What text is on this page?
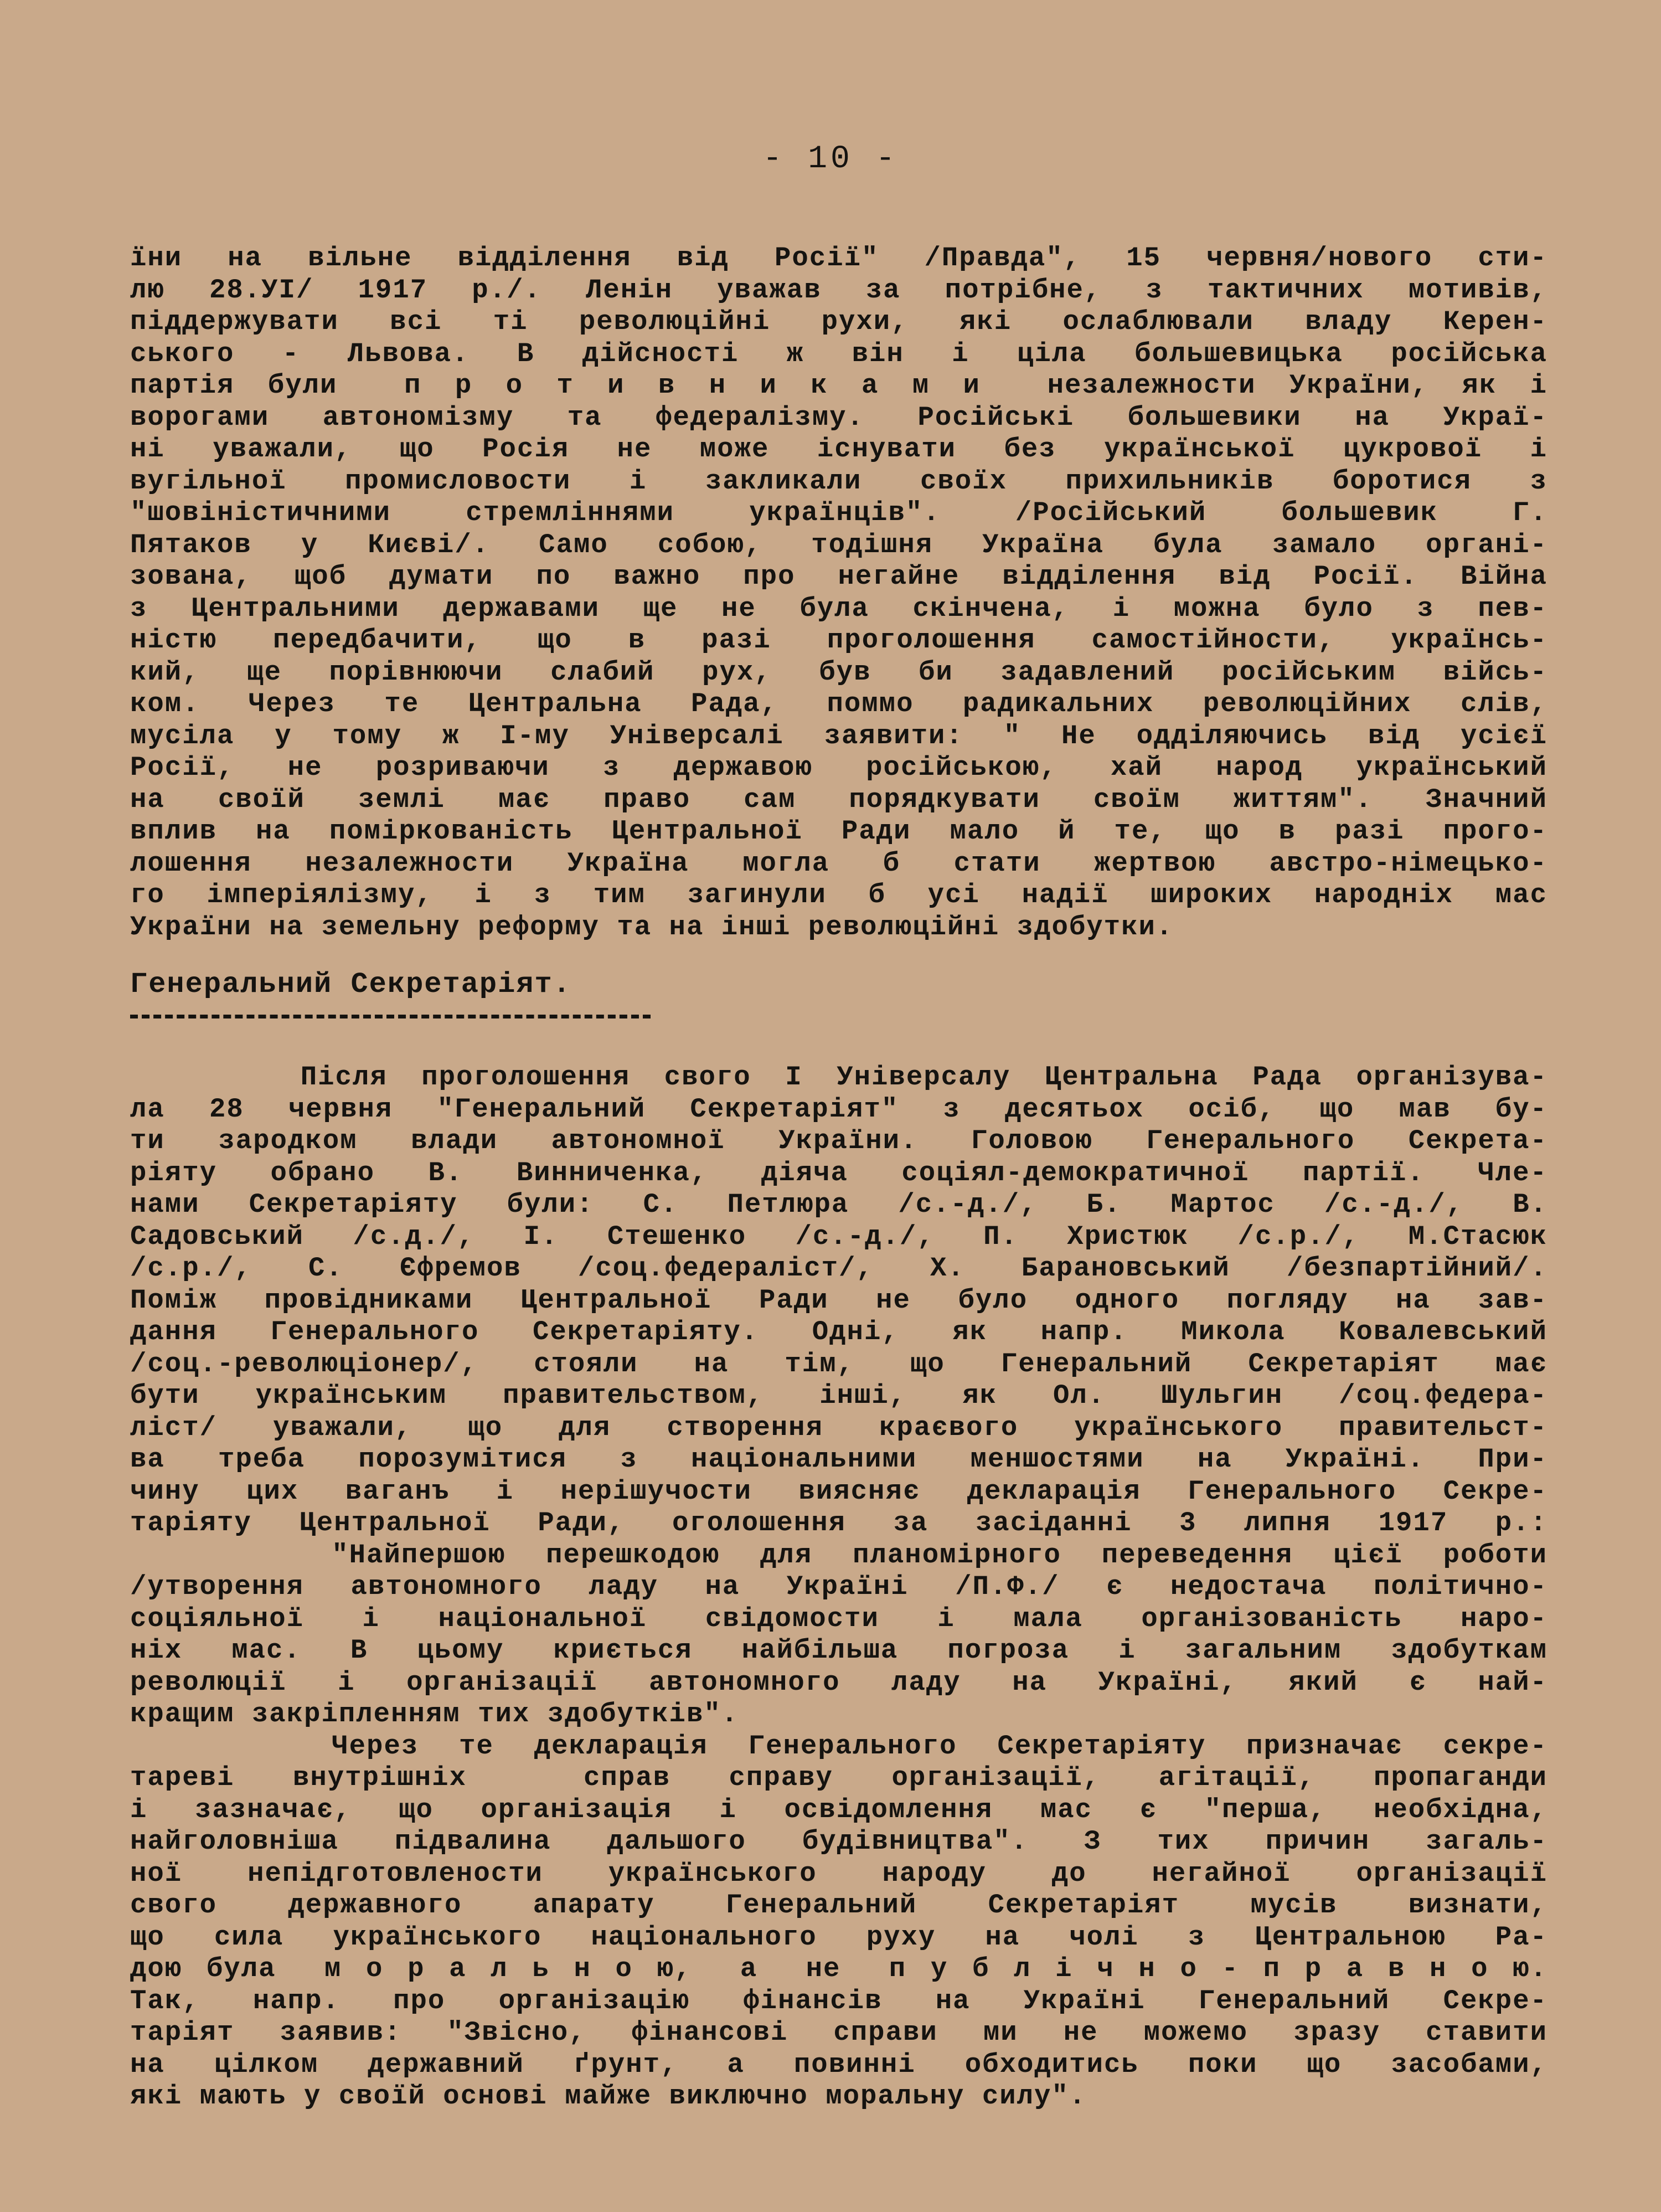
- 10 -
їни на вільне відділення від Росії" /Правда", 15 червня/нового сти-
лю 28.УІ/ 1917 р./. Ленін уважав за потрібне, з тактичних мотивів,
піддержувати всі ті революційні рухи, які ослаблювали владу Керен-
ського - Львова. В дійсності ж він і ціла большевицька російська
партія були  п р о т и в н и к а м и  незалежности України, як і
ворогами автономізму та федералізму. Російські большевики на Украї-
ні уважали, що Росія не може існувати без української цукрової і
вугільної промисловости і закликали своїх прихильників боротися з
"шовіністичними стремліннями українців". /Російський большевик Г.
Пятаков у Києві/. Само собою, тодішня Україна була замало органі-
зована, щоб думати по важно про негайне відділення від Росії. Війна
з Центральними державами ще не була скінчена, і можна було з пев-
ністю передбачити, що в разі проголошення самостійности, українсь-
кий, ще порівнюючи слабий рух, був би задавлений російським війсь-
ком. Через те Центральна Рада, поммо радикальних революційних слів,
мусіла у тому ж І-му Універсалі заявити: " Не одділяючись від усієї
Росії, не розриваючи з державою російською, хай народ український
на своїй землі має право сам порядкувати своїм життям". Значний
вплив на поміркованість Центральної Ради мало й те, що в разі прого-
лошення незалежности Україна могла б стати жертвою австро-німецько-
го імперіялізму, і з тим загинули б усі надії широких народніх мас
України на земельну реформу та на інші революційні здобутки.
Генеральний Секретаріят.
Після проголошення свого І Універсалу Центральна Рада організува-
ла 28 червня "Генеральний Секретаріят" з десятьох осіб, що мав бу-
ти зародком влади автономної України. Головою Генерального Секрета-
ріяту обрано В. Винниченка, діяча соціял-демократичної партії. Чле-
нами Секретаріяту були: С. Петлюра /с.-д./, Б. Мартос /с.-д./, В.
Садовський /с.д./, І. Стешенко /с.-д./, П. Христюк /с.р./, М.Стасюк
/с.р./, С. Єфремов /соц.федераліст/, Х. Барановський /безпартійний/.
Поміж провідниками Центральної Ради не було одного погляду на зав-
дання Генерального Секретаріяту. Одні, як напр. Микола Ковалевський
/соц.-революціонер/, стояли на тім, що Генеральний Секретаріят має
бути українським правительством, інші, як Ол. Шульгин /соц.федера-
ліст/ уважали, що для створення краєвого українського правительст-
ва треба порозумітися з національними меншостями на Україні. При-
чину цих ваганъ і нерішучости виясняє декларація Генерального Секре-
таріяту Центральної Ради, оголошення за засіданні 3 липня 1917 р.:
"Найпершою перешкодою для планомірного переведення цієї роботи
/утворення автономного ладу на Україні /П.Ф./ є недостача політично-
соціяльної і національної свідомости і мала організованість наро-
ніх мас. В цьому криється найбільша погроза і загальним здобуткам
революції і організації автономного ладу на Україні, який є най-
кращим закріпленням тих здобутків".
Через те декларація Генерального Секретаріяту призначає секре-
тареві внутрішніх  справ справу організації, агітації, пропаганди
і зазначає, що організація і освідомлення мас є "перша, необхідна,
найголовніша підвалина дальшого будівництва". З тих причин загаль-
ної непідготовлености українського народу до негайної організації
свого державного апарату Генеральний Секретаріят мусів визнати,
що сила українського національного руху на чолі з Центральною Ра-
дою була  м о р а л ь н о ю,  а  не  п у б л і ч н о - п р а в н о ю.
Так, напр. про організацію фінансів на Україні Генеральний Секре-
таріят заявив: "Звісно, фінансові справи ми не можемо зразу ставити
на цілком державний ґрунт, а повинні обходитись поки що засобами,
які мають у своїй основі майже виключно моральну силу".
